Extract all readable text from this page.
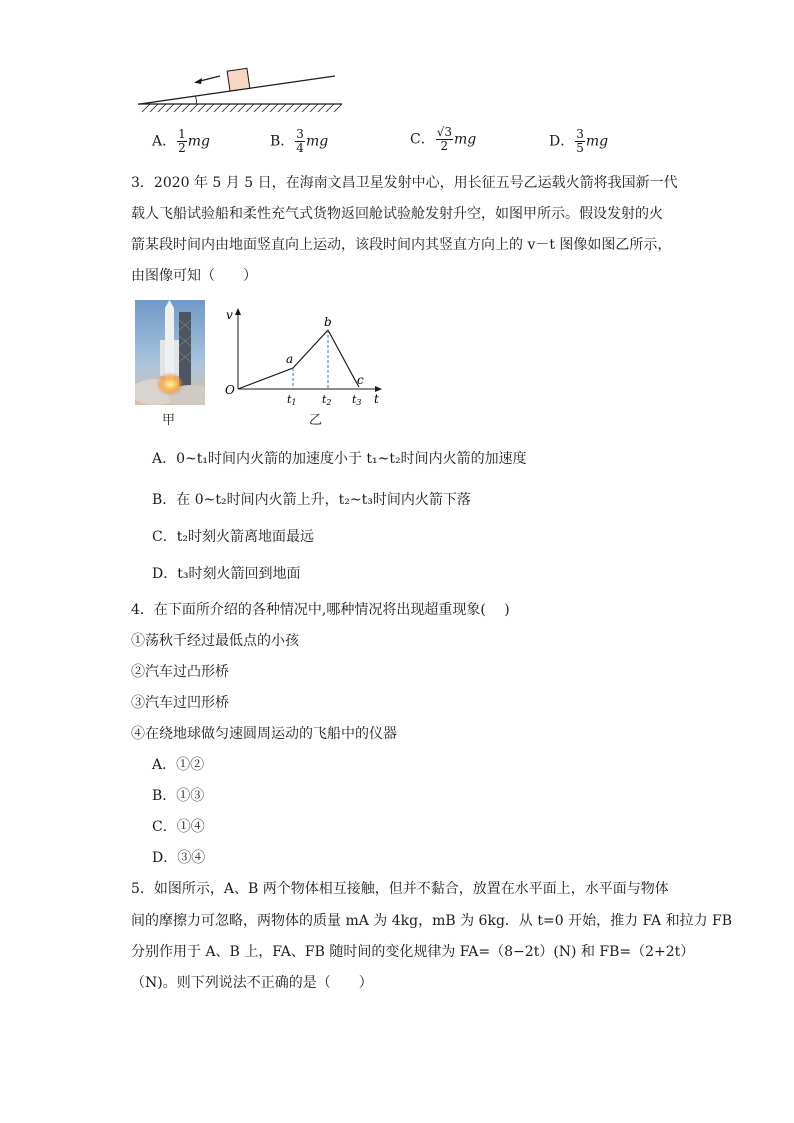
A． $\frac{1}{2}$ mg	B． $\frac{3}{4}$ mg	C． $\frac{√3}{2}$ mg	D． $\frac{3}{5}$ mg
3．2020 年 5 月 5 日，在海南文昌卫星发射中心，用长征五号乙运载火箭将我国新一代
载人飞船试验船和柔性充气式货物返回舱试验舱发射升空，如图甲所示。假设发射的火
箭某段时间内由地面竖直向上运动，该段时间内其竖直方向上的 v－t 图像如图乙所示，
由图像可知（　　）
甲
v
O
a
b
c
t1 t2 t3 t
乙
A．0~t₁时间内火箭的加速度小于 t₁~t₂时间内火箭的加速度
B．在 0~t₂时间内火箭上升，t₂~t₃时间内火箭下落
C．t₂时刻火箭离地面最远
D．t₃时刻火箭回到地面
4．在下面所介绍的各种情况中,哪种情况将出现超重现象(　 )
①荡秋千经过最低点的小孩
②汽车过凸形桥
③汽车过凹形桥
④在绕地球做匀速圆周运动的飞船中的仪器
A．①②
B．①③
C．①④
D．③④
5．如图所示，A、B 两个物体相互接触，但并不黏合，放置在水平面上，水平面与物体
间的摩擦力可忽略，两物体的质量 mA 为 4kg，mB 为 6kg．从 t=0 开始，推力 FA 和拉力 FB
分别作用于 A、B 上，FA、FB 随时间的变化规律为 FA=（8−2t）(N) 和 FB=（2+2t）
（N)。则下列说法不正确的是（　　）
